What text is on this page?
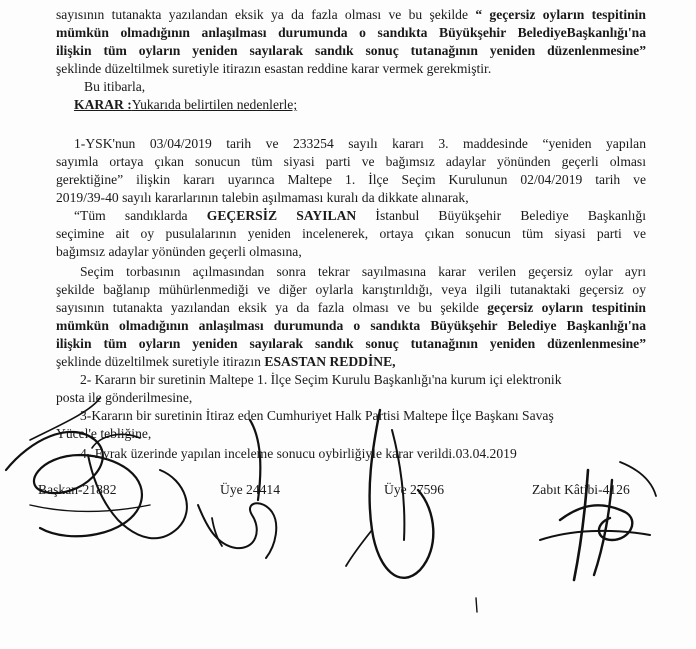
sayısının tutanakta yazılandan eksik ya da fazla olması ve bu şekilde “ geçersiz oyların tespitinin
mümkün olmadığının anlaşılması durumunda o sandıkta Büyükşehir BelediyeBaşkanlığı'na
ilişkin tüm oyların yeniden sayılarak sandık sonuç tutanağının yeniden düzenlenmesine”
şeklinde düzeltilmek suretiyle itirazın esastan reddine karar vermek gerekmiştir.
Bu itibarla,
KARAR :Yukarıda belirtilen nedenlerle;
1-YSK'nun 03/04/2019 tarih ve 233254 sayılı kararı 3. maddesinde “yeniden yapılan
sayımla ortaya çıkan sonucun tüm siyasi parti ve bağımsız adaylar yönünden geçerli olması
gerektiğine” ilişkin kararı uyarınca Maltepe 1. İlçe Seçim Kurulunun 02/04/2019 tarih ve
2019/39-40 sayılı kararlarının talebin aşılmaması kuralı da dikkate alınarak,
“Tüm sandıklarda GEÇERSİZ SAYILAN İstanbul Büyükşehir Belediye Başkanlığı
seçimine ait oy pusulalarının yeniden incelenerek, ortaya çıkan sonucun tüm siyasi parti ve
bağımsız adaylar yönünden geçerli olmasına,
Seçim torbasının açılmasından sonra tekrar sayılmasına karar verilen geçersiz oylar ayrı
şekilde bağlanıp mühürlenmediği ve diğer oylarla karıştırıldığı, veya ilgili tutanaktaki geçersiz oy
sayısının tutanakta yazılandan eksik ya da fazla olması ve bu şekilde geçersiz oyların tespitinin
mümkün olmadığının anlaşılması durumunda o sandıkta Büyükşehir Belediye Başkanlığı'na
ilişkin tüm oyların yeniden sayılarak sandık sonuç tutanağının yeniden düzenlenmesine”
şeklinde düzeltilmek suretiyle itirazın ESASTAN REDDİNE,
2- Kararın bir suretinin Maltepe 1. İlçe Seçim Kurulu Başkanlığı'na kurum içi elektronik
posta ile gönderilmesine,
3-Kararın bir suretinin İtiraz eden Cumhuriyet Halk Partisi Maltepe İlçe Başkanı Savaş
Yücel'e tebliğine,
4- Evrak üzerinde yapılan inceleme sonucu oybirliğiyle karar verildi.03.04.2019
Başkan-21882	Üye 24414	Üye 27596	Zabıt Kâtibi-4126
